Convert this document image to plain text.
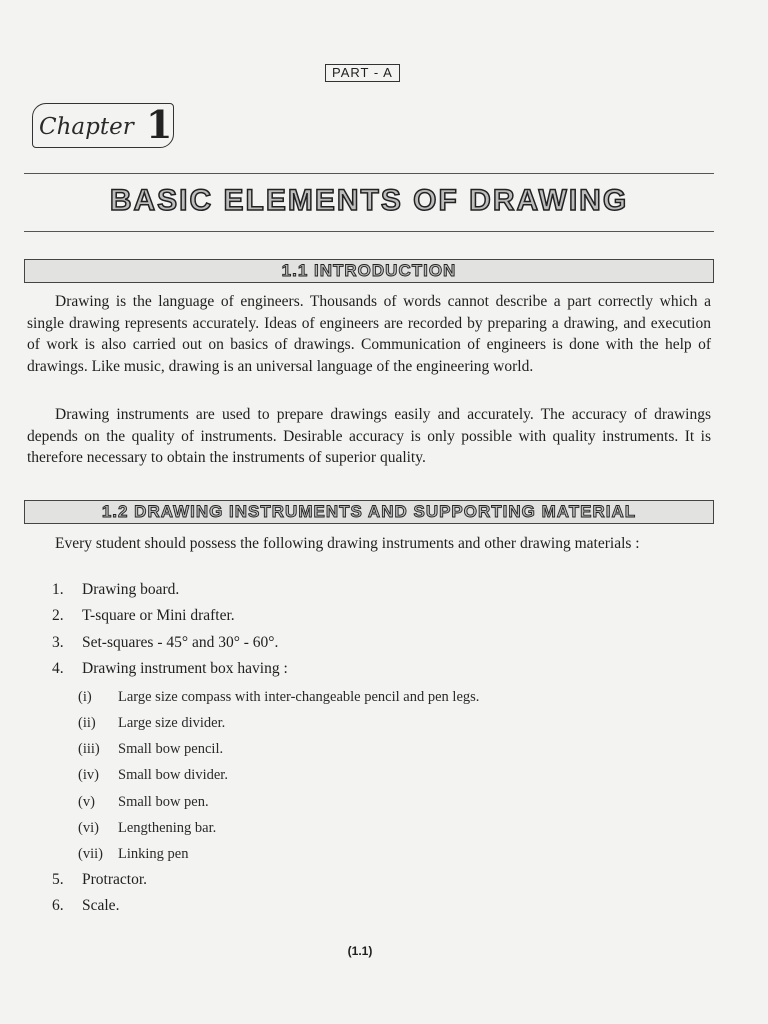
PART - A
Chapter 1
BASIC ELEMENTS OF DRAWING
1.1 INTRODUCTION
Drawing is the language of engineers. Thousands of words cannot describe a part correctly which a single drawing represents accurately. Ideas of engineers are recorded by preparing a drawing, and execution of work is also carried out on basics of drawings. Communication of engineers is done with the help of drawings. Like music, drawing is an universal language of the engineering world.
Drawing instruments are used to prepare drawings easily and accurately. The accuracy of drawings depends on the quality of instruments. Desirable accuracy is only possible with quality instruments. It is therefore necessary to obtain the instruments of superior quality.
1.2 DRAWING INSTRUMENTS AND SUPPORTING MATERIAL
Every student should possess the following drawing instruments and other drawing materials :
1. Drawing board.
2. T-square or Mini drafter.
3. Set-squares - 45° and 30° - 60°.
4. Drawing instrument box having :
(i) Large size compass with inter-changeable pencil and pen legs.
(ii) Large size divider.
(iii) Small bow pencil.
(iv) Small bow divider.
(v) Small bow pen.
(vi) Lengthening bar.
(vii) Linking pen
5. Protractor.
6. Scale.
(1.1)
